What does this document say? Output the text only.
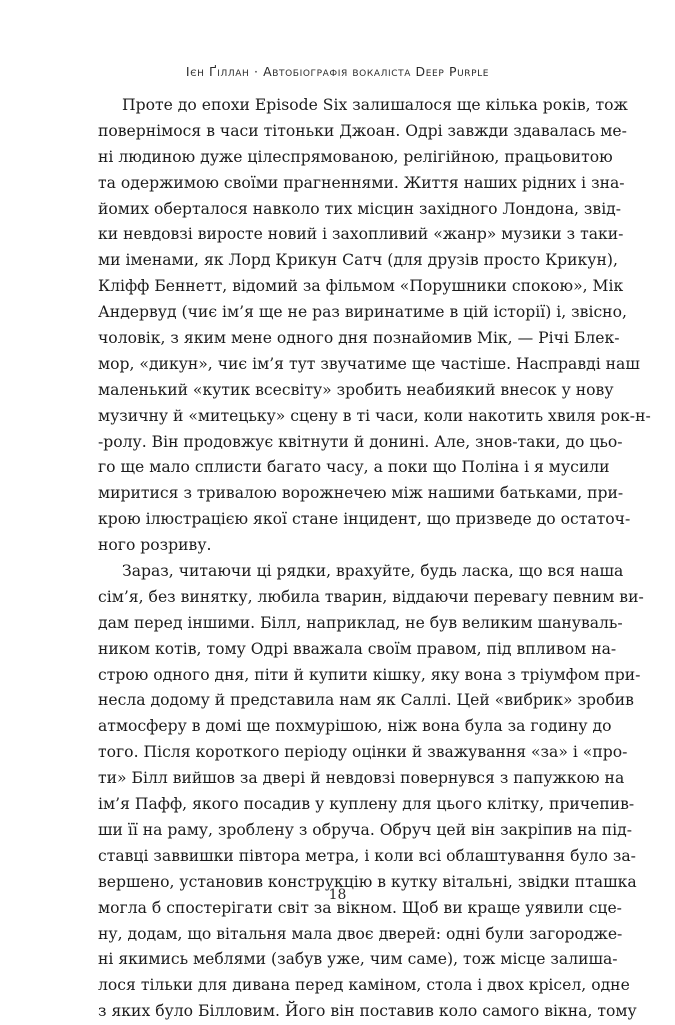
Ієн Ґіллан · Автобіографія вокаліста Deep Purple
Проте до епохи Episode Six залишалося ще кілька років, тож
повернімося в часи тітоньки Джоан. Одрі завжди здавалась ме-
ні людиною дуже цілеспрямованою, релігійною, працьовитою
та одержимою своїми прагненнями. Життя наших рідних і зна-
йомих оберталося навколо тих місцин західного Лондона, звід-
ки невдовзі виросте новий і захопливий «жанр» музики з таки-
ми іменами, як Лорд Крикун Сатч (для друзів просто Крикун),
Кліфф Беннетт, відомий за фільмом «Порушники спокою», Мік
Андервуд (чиє ім’я ще не раз виринатиме в цій історії) і, звісно,
чоловік, з яким мене одного дня познайомив Мік, — Річі Блек-
мор, «дикун», чиє ім’я тут звучатиме ще частіше. Насправді наш
маленький «кутик всесвіту» зробить неабиякий внесок у нову
музичну й «митецьку» сцену в ті часи, коли накотить хвиля рок-н-
-ролу. Він продовжує квітнути й донині. Але, знов-таки, до цьо-
го ще мало сплисти багато часу, а поки що Поліна і я мусили
миритися з тривалою ворожнечею між нашими батьками, при-
крою ілюстрацією якої стане інцидент, що призведе до остаточ-
ного розриву.
Зараз, читаючи ці рядки, врахуйте, будь ласка, що вся наша
сім’я, без винятку, любила тварин, віддаючи перевагу певним ви-
дам перед іншими. Білл, наприклад, не був великим шануваль-
ником котів, тому Одрі вважала своїм правом, під впливом на-
строю одного дня, піти й купити кішку, яку вона з тріумфом при-
несла додому й представила нам як Саллі. Цей «вибрик» зробив
атмосферу в домі ще похмурішою, ніж вона була за годину до
того. Після короткого періоду оцінки й зважування «за» і «про-
ти» Білл вийшов за двері й невдовзі повернувся з папужкою на
ім’я Пафф, якого посадив у куплену для цього клітку, причепив-
ши її на раму, зроблену з обруча. Обруч цей він закріпив на під-
ставці заввишки півтора метра, і коли всі облаштування було за-
вершено, установив конструкцію в кутку вітальні, звідки пташка
могла б спостерігати світ за вікном. Щоб ви краще уявили сце-
ну, додам, що вітальня мала двоє дверей: одні були загороджe-
ні якимись меблями (забув уже, чим саме), тож місце залиша-
лося тільки для дивана перед каміном, стола і двох крісел, одне
з яких було Білловим. Його він поставив коло самого вікна, тому
18
